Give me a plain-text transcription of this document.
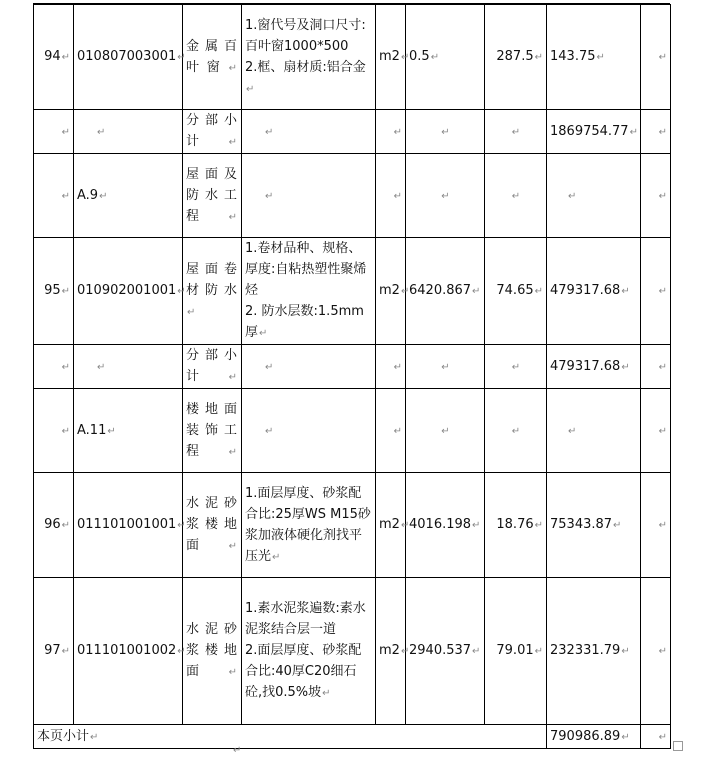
94↵	010807003001↵	金属百叶窗↵	1.窗代号及洞口尺寸:百叶窗1000*500
2.框、扇材质:铝合金↵	m2↵	0.5↵	287.5↵	143.75↵	↵
↵	↵	分部小计↵	↵	↵	↵	↵	1869754.77↵	↵
↵	A.9↵	屋面及防水工程↵	↵	↵	↵	↵	↵	↵
95↵	010902001001↵	屋面卷材防水↵	1.卷材品种、规格、厚度:自粘热塑性聚烯烃
2. 防水层数:1.5mm厚↵	m2↵	6420.867↵	74.65↵	479317.68↵	↵
↵	↵	分部小计↵	↵	↵	↵	↵	479317.68↵	↵
↵	A.11↵	楼地面装饰工程↵	↵	↵	↵	↵	↵	↵
96↵	011101001001↵	水泥砂浆楼地面↵	1.面层厚度、砂浆配合比:25厚WS M15砂浆加液体硬化剂找平压光↵	m2↵	4016.198↵	18.76↵	75343.87↵	↵
97↵	011101001002↵	水泥砂浆楼地面↵	1.素水泥浆遍数:素水泥浆结合层一道
2.面层厚度、砂浆配合比:40厚C20细石砼,找0.5%坡↵	m2↵	2940.537↵	79.01↵	232331.79↵	↵
本页小计↵							790986.89↵	↵
↵
